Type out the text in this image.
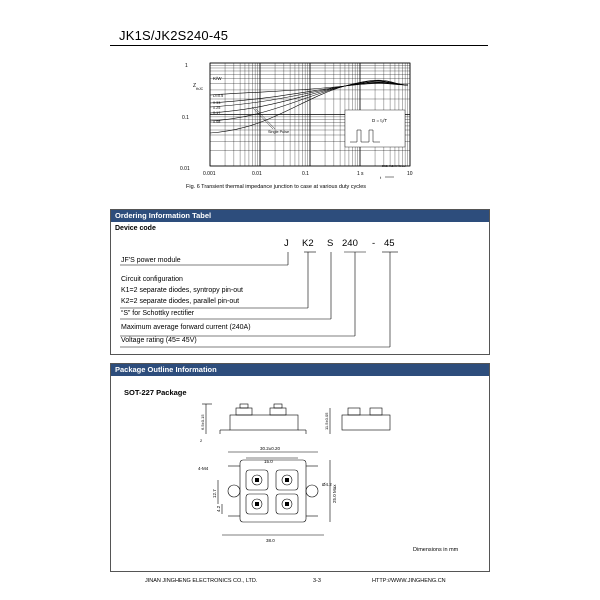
JK1S/JK2S240-45
1
0.1
0.01
Z thJC
K/W
0.001	0.01	0.1	1 s	10
t
D=0.5
0.33
0.25
0.17
0.08
Single Pulse
D = t₁/T
DSB-41B IXYS Ltd
Fig. 6 Transient thermal impedance junction to case at various duty cycles
Ordering Information Tabel
Device code
J K2 S 240 - 45
JF'S power module
Circuit configuration
K1=2 separate diodes, syntropy pin-out
K2=2 separate diodes, parallel pin-out
“S” for Schottky rectifier
Maximum average forward current (240A)
Voltage rating (45= 45V)
Package Outline Information
SOT-227 Package
30.2±0.20
15.0
38.0
25.0 Max
Ø4.2
4-M4
12.7
4.2
6.5±0.15	11.5±0.05
2
Dimensions in mm
JINAN JINGHENG ELECTRONICS CO., LTD.	3-3	HTTP://WWW.JINGHENG.CN
